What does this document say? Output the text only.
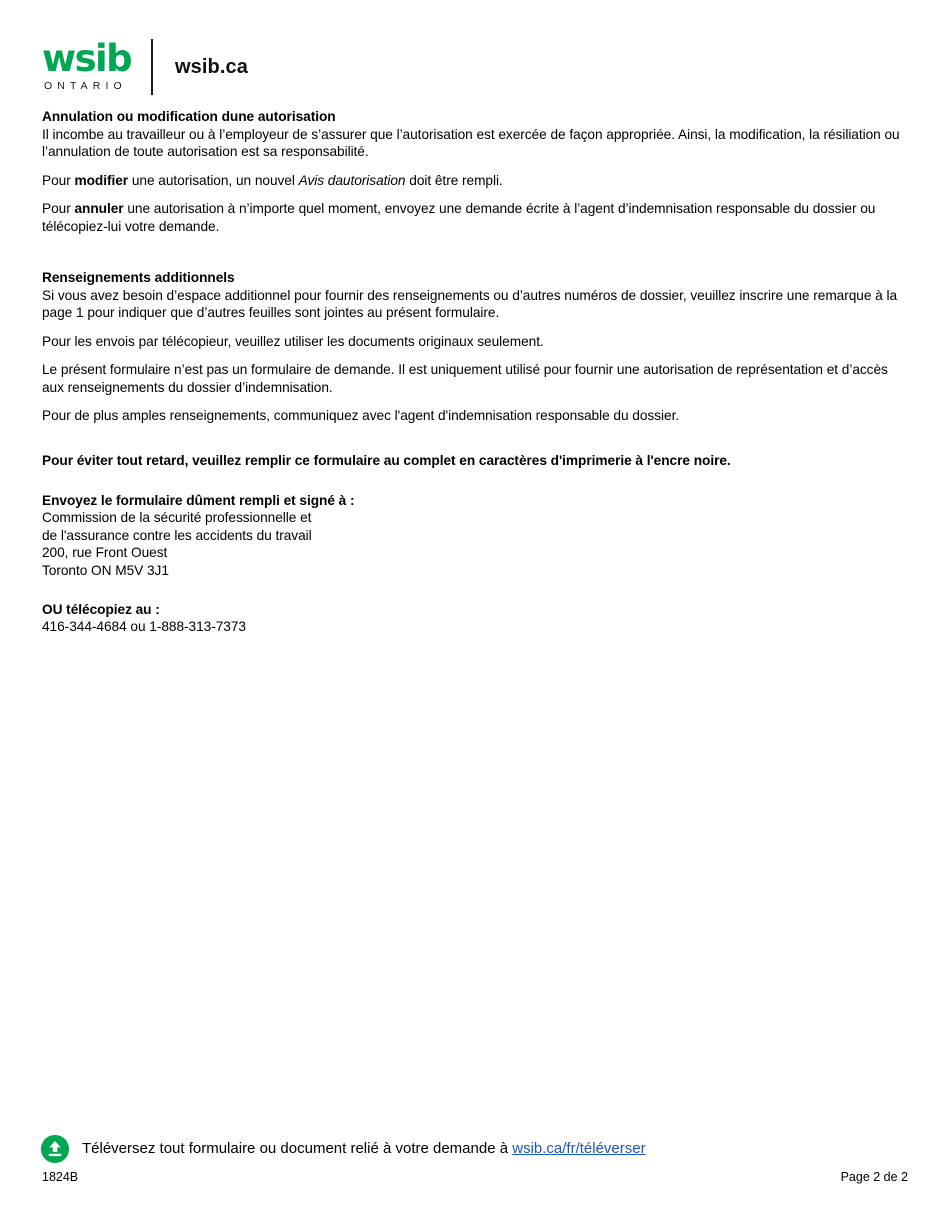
wsib
ONTARIO
wsib.ca
Annulation ou modification dune autorisation

Il incombe au travailleur ou à l’employeur de s’assurer que l’autorisation est exercée de façon appropriée. Ainsi, la modification, la résiliation ou l’annulation de toute autorisation est sa responsabilité.

Pour modifier une autorisation, un nouvel Avis dautorisation doit être rempli.

Pour annuler une autorisation à n’importe quel moment, envoyez une demande écrite à l’agent d’indemnisation responsable du dossier ou télécopiez-lui votre demande.

Renseignements additionnels

Si vous avez besoin d’espace additionnel pour fournir des renseignements ou d’autres numéros de dossier, veuillez inscrire une remarque à la page 1 pour indiquer que d’autres feuilles sont jointes au présent formulaire.

Pour les envois par télécopieur, veuillez utiliser les documents originaux seulement.

Le présent formulaire n’est pas un formulaire de demande. Il est uniquement utilisé pour fournir une autorisation de représentation et d’accès aux renseignements du dossier d’indemnisation.

Pour de plus amples renseignements, communiquez avec l'agent d'indemnisation responsable du dossier.

Pour éviter tout retard, veuillez remplir ce formulaire au complet en caractères d'imprimerie à l'encre noire.

Envoyez le formulaire dûment rempli et signé à :

Commission de la sécurité professionnelle et

de l'assurance contre les accidents du travail

200, rue Front Ouest

Toronto ON M5V 3J1

OU télécopiez au :

416-344-4684 ou 1-888-313-7373

Téléversez tout formulaire ou document relié à votre demande à wsib.ca/fr/téléverser
1824B	Page 2 de 2
